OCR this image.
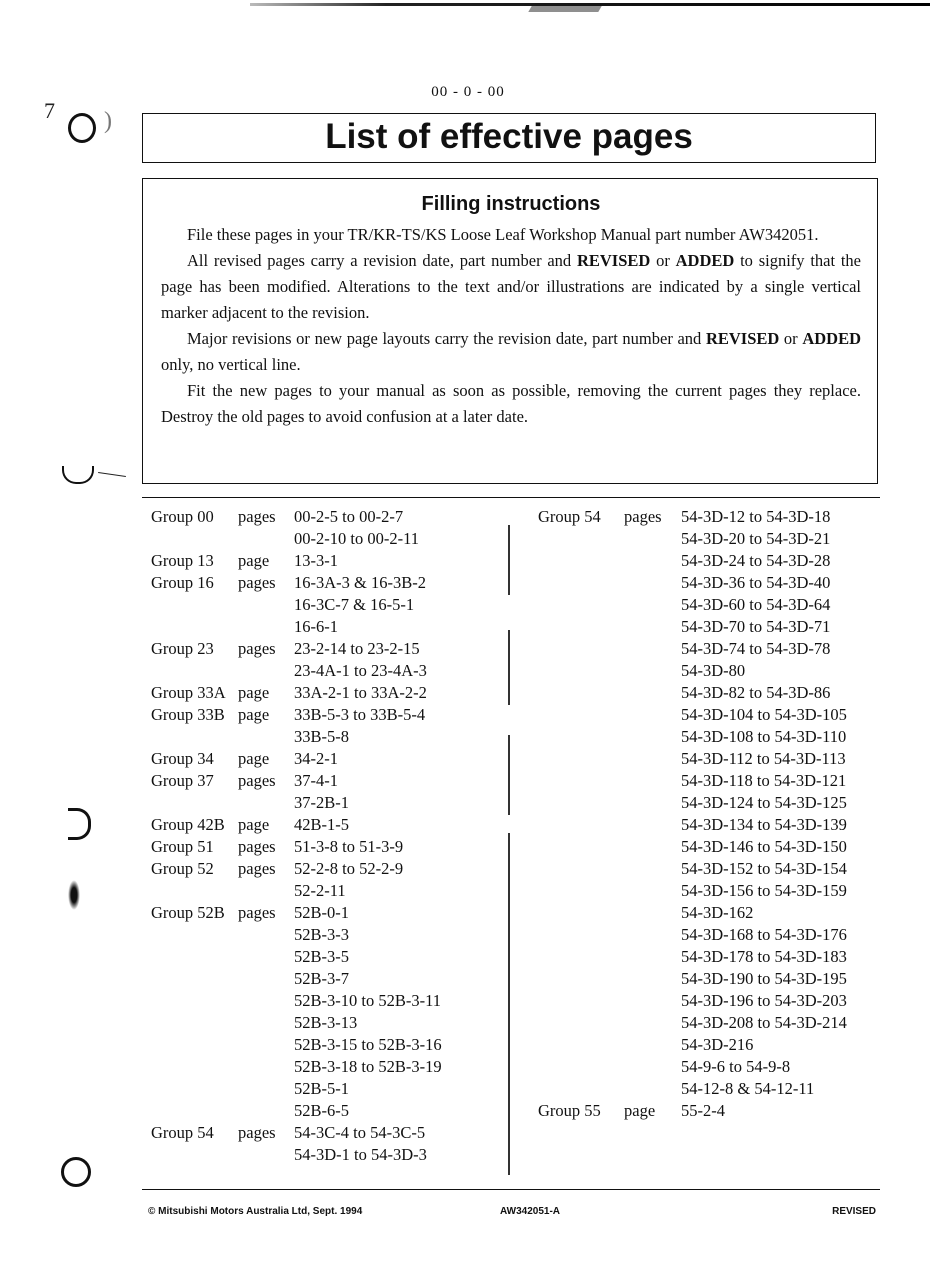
7 )
00 - 0 - 00
List of effective pages
Filling instructions

File these pages in your TR/KR-TS/KS Loose Leaf Workshop Manual part number AW342051.

All revised pages carry a revision date, part number and REVISED or ADDED to signify that the page has been modified. Alterations to the text and/or illustrations are indicated by a single vertical marker adjacent to the revision.

Major revisions or new page layouts carry the revision date, part number and REVISED or ADDED only, no vertical line.

Fit the new pages to your manual as soon as possible, removing the current pages they replace. Destroy the old pages to avoid confusion at a later date.

Group 00	pages	00-2-5 to 00-2-7
00-2-10 to 00-2-11
Group 13	page	13-3-1
Group 16	pages	16-3A-3 & 16-3B-2
16-3C-7 & 16-5-1
16-6-1
Group 23	pages	23-2-14 to 23-2-15
23-4A-1 to 23-4A-3
Group 33A page	33A-2-1 to 33A-2-2
Group 33B page	33B-5-3 to 33B-5-4
33B-5-8
Group 34	page	34-2-1
Group 37	pages	37-4-1
37-2B-1
Group 42B page	42B-1-5
Group 51	pages	51-3-8 to 51-3-9
Group 52	pages	52-2-8 to 52-2-9
52-2-11
Group 52B pages	52B-0-1
52B-3-3
52B-3-5
52B-3-7
52B-3-10 to 52B-3-11
52B-3-13
52B-3-15 to 52B-3-16
52B-3-18 to 52B-3-19
52B-5-1
52B-6-5
Group 54	pages	54-3C-4 to 54-3C-5
54-3D-1 to 54-3D-3
Group 54	pages	54-3D-12 to 54-3D-18
54-3D-20 to 54-3D-21
54-3D-24 to 54-3D-28
54-3D-36 to 54-3D-40
54-3D-60 to 54-3D-64
54-3D-70 to 54-3D-71
54-3D-74 to 54-3D-78
54-3D-80
54-3D-82 to 54-3D-86
54-3D-104 to 54-3D-105
54-3D-108 to 54-3D-110
54-3D-112 to 54-3D-113
54-3D-118 to 54-3D-121
54-3D-124 to 54-3D-125
54-3D-134 to 54-3D-139
54-3D-146 to 54-3D-150
54-3D-152 to 54-3D-154
54-3D-156 to 54-3D-159
54-3D-162
54-3D-168 to 54-3D-176
54-3D-178 to 54-3D-183
54-3D-190 to 54-3D-195
54-3D-196 to 54-3D-203
54-3D-208 to 54-3D-214
54-3D-216
54-9-6 to 54-9-8
54-12-8 & 54-12-11
Group 55	page	55-2-4
© Mitsubishi Motors Australia Ltd, Sept. 1994	AW342051-A	REVISED
